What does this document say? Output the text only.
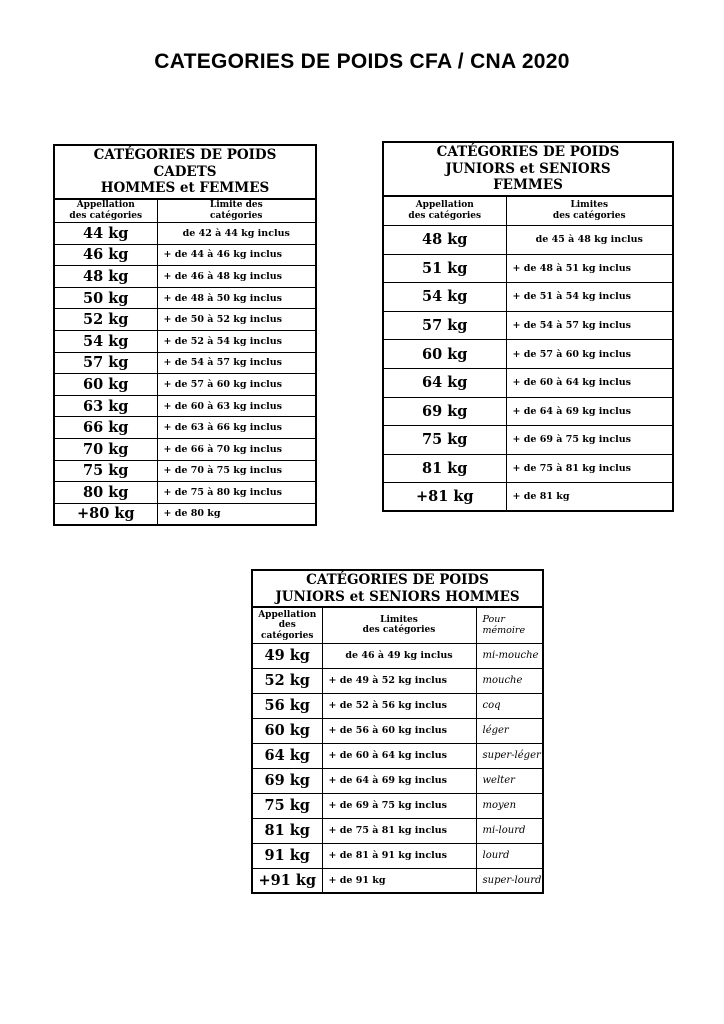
CATEGORIES DE POIDS CFA / CNA 2020
CATÉGORIES DE POIDS
CADETS
HOMMES et FEMMES	
Appellation
des catégories	Limite des
catégories
44 kg	de 42 à 44 kg inclus
46 kg	+ de 44 à 46 kg inclus
48 kg	+ de 46 à 48 kg inclus
50 kg	+ de 48 à 50 kg inclus
52 kg	+ de 50 à 52 kg inclus
54 kg	+ de 52 à 54 kg inclus
57 kg	+ de 54 à 57 kg inclus
60 kg	+ de 57 à 60 kg inclus
63 kg	+ de 60 à 63 kg inclus
66 kg	+ de 63 à 66 kg inclus
70 kg	+ de 66 à 70 kg inclus
75 kg	+ de 70 à 75 kg inclus
80 kg	+ de 75 à 80 kg inclus
+80 kg	+ de 80 kg
CATÉGORIES DE POIDS
JUNIORS et SENIORS
FEMMES	
Appellation
des catégories	Limites
des catégories
48 kg	de 45 à 48 kg inclus
51 kg	+ de 48 à 51 kg inclus
54 kg	+ de 51 à 54 kg inclus
57 kg	+ de 54 à 57 kg inclus
60 kg	+ de 57 à 60 kg inclus
64 kg	+ de 60 à 64 kg inclus
69 kg	+ de 64 à 69 kg inclus
75 kg	+ de 69 à 75 kg inclus
81 kg	+ de 75 à 81 kg inclus
+81 kg	+ de 81 kg
CATÉGORIES DE POIDS
JUNIORS et SENIORS HOMMES		
Appellation
des
catégories	Limites
des catégories	Pour
mémoire
49 kg	de 46 à 49 kg inclus	mi-mouche
52 kg	+ de 49 à 52 kg inclus	mouche
56 kg	+ de 52 à 56 kg inclus	coq
60 kg	+ de 56 à 60 kg inclus	léger
64 kg	+ de 60 à 64 kg inclus	super-léger
69 kg	+ de 64 à 69 kg inclus	welter
75 kg	+ de 69 à 75 kg inclus	moyen
81 kg	+ de 75 à 81 kg inclus	mi-lourd
91 kg	+ de 81 à 91 kg inclus	lourd
+91 kg	+ de 91 kg	super-lourd
